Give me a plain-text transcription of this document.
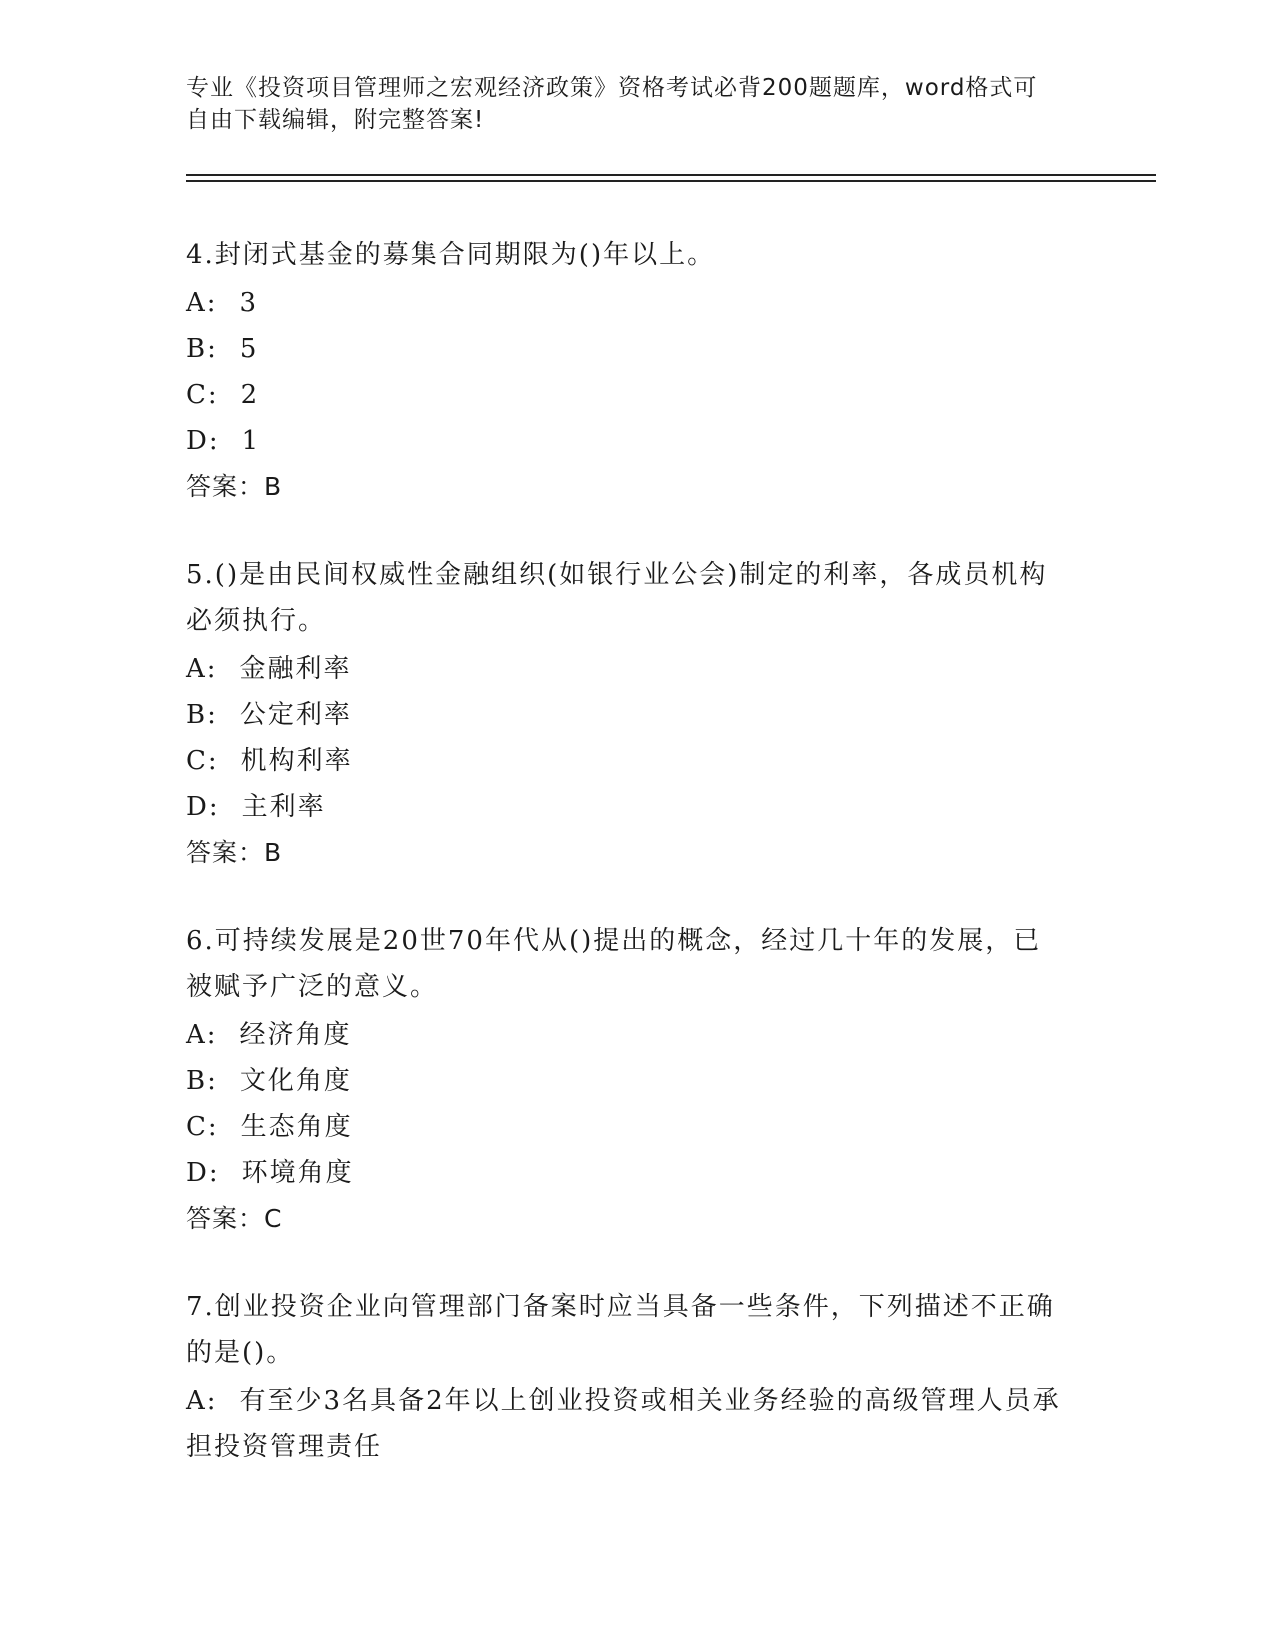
专业《投资项目管理师之宏观经济政策》资格考试必背200题题库，word格式可
自由下载编辑，附完整答案!
4.封闭式基金的募集合同期限为()年以上。
A: 3
B: 5
C: 2
D: 1
答案：B
5.()是由民间权威性金融组织(如银行业公会)制定的利率，各成员机构必须执行。
A: 金融利率
B: 公定利率
C: 机构利率
D: 主利率
答案：B
6.可持续发展是20世70年代从()提出的概念，经过几十年的发展，已被赋予广泛的意义。
A: 经济角度
B: 文化角度
C: 生态角度
D: 环境角度
答案：C
7.创业投资企业向管理部门备案时应当具备一些条件，下列描述不正确的是()。
A: 有至少3名具备2年以上创业投资或相关业务经验的高级管理人员承担投资管理责任
